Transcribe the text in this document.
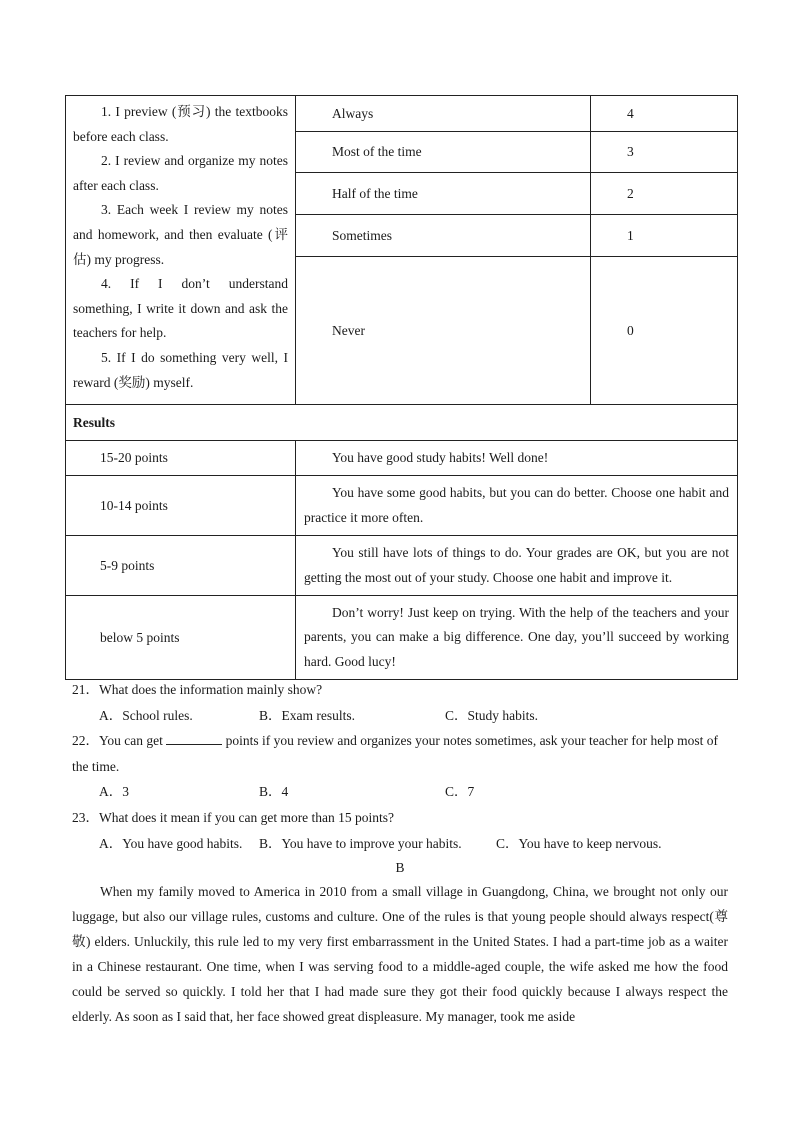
1. I preview (预习) the textbooks before each class.
2. I review and organize my notes after each class.
3. Each week I review my notes and homework, and then evaluate (评估) my progress.
4. If I don’t understand something, I write it down and ask the teachers for help.
5. If I do something very well, I reward (奖励) myself.	Always	4
	Most of the time	3
	Half of the time	2
	Sometimes	1
	Never	0
Results		
15-20 points	You have good study habits! Well done!	

10-14 points	You have some good habits, but you can do better. Choose one habit and practice it more often.	

5-9 points	You still have lots of things to do. Your grades are OK, but you are not getting the most out of your study. Choose one habit and improve it.	

below 5 points	Don’t worry! Just keep on trying. With the help of the teachers and your parents, you can make a big difference. One day, you’ll succeed by working hard. Good lucy!	
21．What does the information mainly show?
A．School rules.	B．Exam results.	C．Study habits.
22．You can get	points if you review and organizes your notes sometimes, ask your teacher for help most of the time.
A．3	B．4	C．7
23．What does it mean if you can get more than 15 points?
A．You have good habits. B．You have to improve your habits.	C．You have to keep nervous.
B
When my family moved to America in 2010 from a small village in Guangdong, China, we brought not only our luggage, but also our village rules, customs and culture. One of the rules is that young people should always respect(尊敬) elders. Unluckily, this rule led to my very first embarrassment in the United States. I had a part-time job as a waiter in a Chinese restaurant. One time, when I was serving food to a middle-aged couple, the wife asked me how the food could be served so quickly. I told her that I had made sure they got their food quickly because I always respect the elderly. As soon as I said that, her face showed great displeasure. My manager, took me aside
